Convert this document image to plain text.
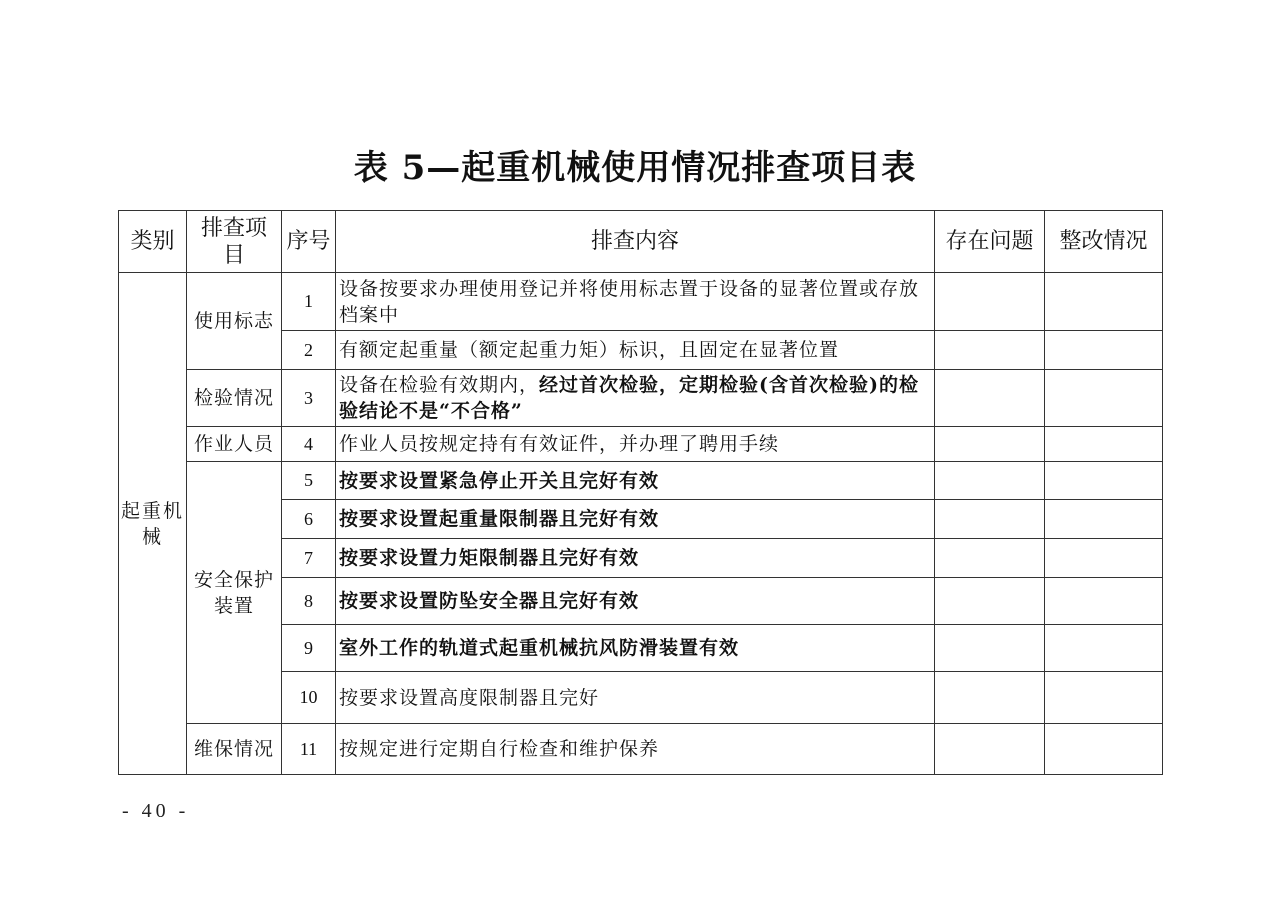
表 5—起重机械使用情况排查项目表
类别	排查项目	序号	排查内容	存在问题	整改情况

起重机械	使用标志	1	设备按要求办理使用登记并将使用标志置于设备的显著位置或存放档案中		
		2	有额定起重量（额定起重力矩）标识，且固定在显著位置		
	检验情况	3	设备在检验有效期内，经过首次检验，定期检验(含首次检验)的检验结论不是“不合格”		
	作业人员	4	作业人员按规定持有有效证件，并办理了聘用手续		

	安全保护装置	5	按要求设置紧急停止开关且完好有效		
		6	按要求设置起重量限制器且完好有效		
		7	按要求设置力矩限制器且完好有效		
		8	按要求设置防坠安全器且完好有效		
		9	室外工作的轨道式起重机械抗风防滑装置有效		
		10	按要求设置高度限制器且完好		
	维保情况	11	按规定进行定期自行检查和维护保养		
- 40 -
